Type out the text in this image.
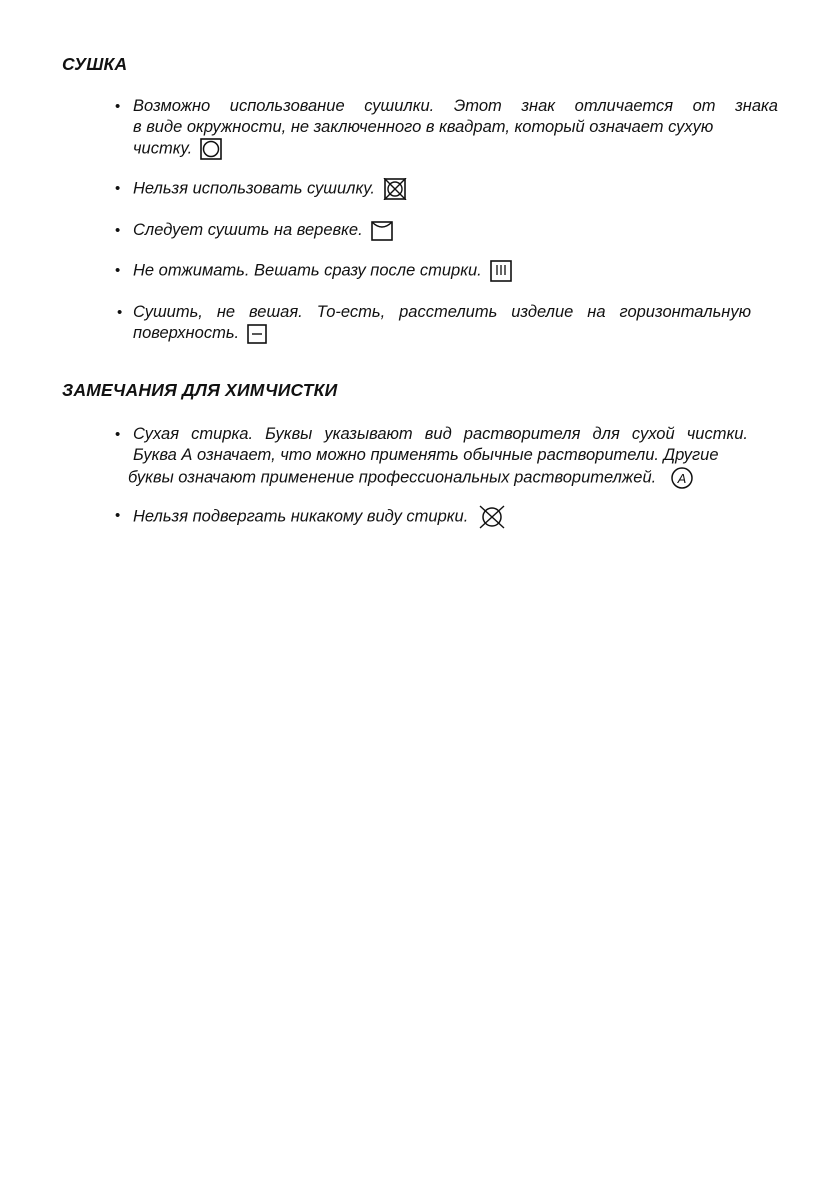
СУШКА
• Возможно использование сушилки. Этот знак отличается от знака
в виде окружности, не заключенного в квадрат, который означает сухую
чистку.
• Нельзя использовать сушилку.
• Следует сушить на веревке.
• Не отжимать. Вешать сразу после стирки.
• Сушить, не вешая. То-есть, расстелить изделие на горизонтальную
поверхность.
ЗАМЕЧАНИЯ ДЛЯ ХИМЧИСТКИ
• Сухая стирка. Буквы указывают вид растворителя для сухой чистки.
Буква А означает, что можно применять обычные растворители. Другие
буквы означают применение профессиональных растворителжей. A
• Нельзя подвергать никакому виду стирки.
